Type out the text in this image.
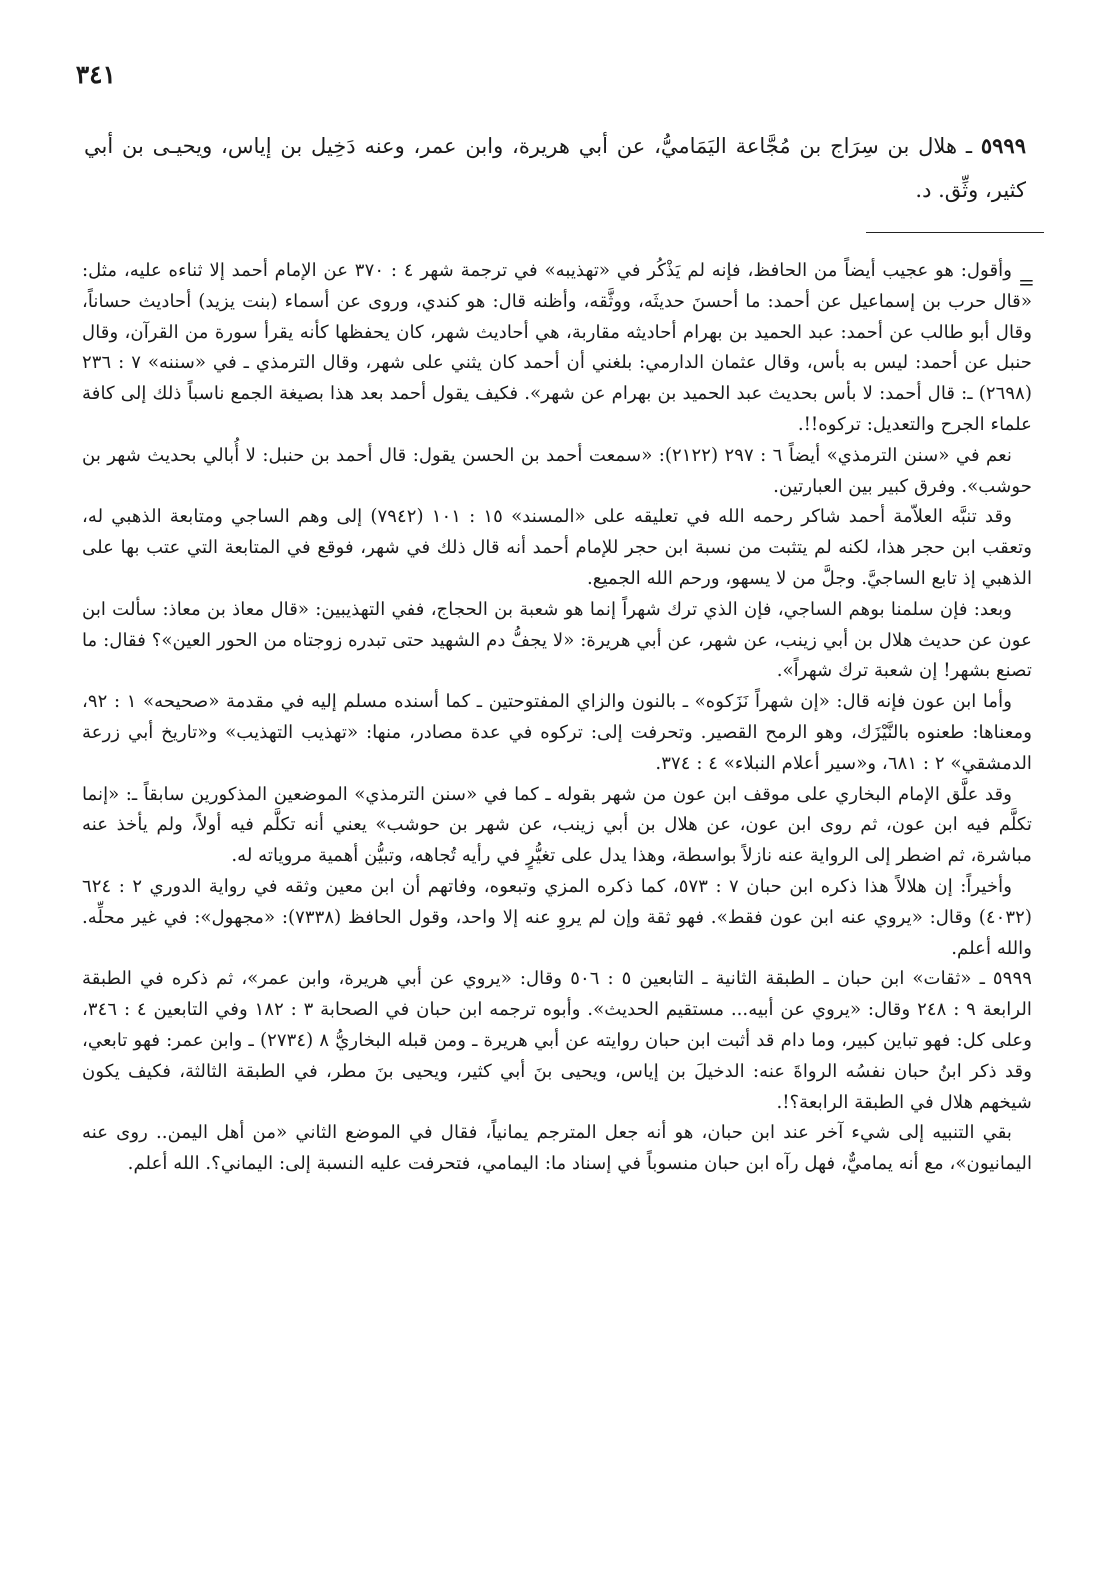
٣٤١
٥٩٩٩ ـ هلال بن سِرَاج بن مُجَّاعة اليَمَاميُّ، عن أبي هريرة، وابن عمر، وعنه دَخِيل بن إياس، ويحيـى بن أبي كثير، وثِّق. د.
=

وأقول: هو عجيب أيضاً من الحافظ، فإنه لم يَذْكُر في «تهذيبه» في ترجمة شهر ٤ : ٣٧٠ عن الإمام أحمد إلا ثناءه عليه، مثل: «قال حرب بن إسماعيل عن أحمد: ما أحسنَ حديثَه، ووثَّقه، وأظنه قال: هو كندي، وروى عن أسماء (بنت يزيد) أحاديث حساناً، وقال أبو طالب عن أحمد: عبد الحميد بن بهرام أحاديثه مقاربة، هي أحاديث شهر، كان يحفظها كأنه يقرأ سورة من القرآن، وقال حنبل عن أحمد: ليس به بأس، وقال عثمان الدارمي: بلغني أن أحمد كان يثني على شهر، وقال الترمذي ـ في «سننه» ٧ : ٢٣٦ (٢٦٩٨) ـ: قال أحمد: لا بأس بحديث عبد الحميد بن بهرام عن شهر». فكيف يقول أحمد بعد هذا بصيغة الجمع ناسباً ذلك إلى كافة علماء الجرح والتعديل: تركوه!!.

نعم في «سنن الترمذي» أيضاً ٦ : ٢٩٧ (٢١٢٢): «سمعت أحمد بن الحسن يقول: قال أحمد بن حنبل: لا أُبالي بحديث شهر بن حوشب». وفرق كبير بين العبارتين.

وقد تنبَّه العلاّمة أحمد شاكر رحمه الله في تعليقه على «المسند» ١٥ : ١٠١ (٧٩٤٢) إلى وهم الساجي ومتابعة الذهبي له، وتعقب ابن حجر هذا، لكنه لم يتثبت من نسبة ابن حجر للإمام أحمد أنه قال ذلك في شهر، فوقع في المتابعة التي عتب بها على الذهبي إذ تابع الساجيَّ. وجلَّ من لا يسهو، ورحم الله الجميع.

وبعد: فإن سلمنا بوهم الساجي، فإن الذي ترك شهراً إنما هو شعبة بن الحجاج، ففي التهذيبين: «قال معاذ بن معاذ: سألت ابن عون عن حديث هلال بن أبي زينب، عن شهر، عن أبي هريرة: «لا يجفُّ دم الشهيد حتى تبدره زوجتاه من الحور العين»؟ فقال: ما تصنع بشهر! إن شعبة ترك شهراً».

وأما ابن عون فإنه قال: «إن شهراً نَزَكوه» ـ بالنون والزاي المفتوحتين ـ كما أسنده مسلم إليه في مقدمة «صحيحه» ١ : ٩٢، ومعناها: طعنوه بالنَّيْزَك، وهو الرمح القصير. وتحرفت إلى: تركوه في عدة مصادر، منها: «تهذيب التهذيب» و«تاريخ أبي زرعة الدمشقي» ٢ : ٦٨١، و«سير أعلام النبلاء» ٤ : ٣٧٤.

وقد علَّق الإمام البخاري على موقف ابن عون من شهر بقوله ـ كما في «سنن الترمذي» الموضعين المذكورين سابقاً ـ: «إنما تكلَّم فيه ابن عون، ثم روى ابن عون، عن هلال بن أبي زينب، عن شهر بن حوشب» يعني أنه تكلَّم فيه أولاً، ولم يأخذ عنه مباشرة، ثم اضطر إلى الرواية عنه نازلاً بواسطة، وهذا يدل على تغيُّرٍ في رأيه تُجاهه، وتبيُّن أهمية مروياته له.

وأخيراً: إن هلالاً هذا ذكره ابن حبان ٧ : ٥٧٣، كما ذكره المزي وتبعوه، وفاتهم أن ابن معين وثقه في رواية الدوري ٢ : ٦٢٤ (٤٠٣٢) وقال: «يروي عنه ابن عون فقط». فهو ثقة وإن لم يروِ عنه إلا واحد، وقول الحافظ (٧٣٣٨): «مجهول»: في غير محلِّه. والله أعلم.

٥٩٩٩ ـ «ثقات» ابن حبان ـ الطبقة الثانية ـ التابعين ٥ : ٥٠٦ وقال: «يروي عن أبي هريرة، وابن عمر»، ثم ذكره في الطبقة الرابعة ٩ : ٢٤٨ وقال: «يروي عن أبيه... مستقيم الحديث». وأبوه ترجمه ابن حبان في الصحابة ٣ : ١٨٢ وفي التابعين ٤ : ٣٤٦، وعلى كل: فهو تباين كبير، وما دام قد أثبت ابن حبان روايته عن أبي هريرة ـ ومن قبله البخاريُّ ٨ (٢٧٣٤) ـ وابن عمر: فهو تابعي، وقد ذكر ابنُ حبان نفسُه الرواةَ عنه: الدخيلَ بن إياس، ويحيى بنَ أبي كثير، ويحيى بنَ مطر، في الطبقة الثالثة، فكيف يكون شيخهم هلال في الطبقة الرابعة؟!.

بقي التنبيه إلى شيء آخر عند ابن حبان، هو أنه جعل المترجم يمانياً، فقال في الموضع الثاني «من أهل اليمن.. روى عنه اليمانيون»، مع أنه يماميٌّ، فهل رآه ابن حبان منسوباً في إسناد ما: اليمامي، فتحرفت عليه النسبة إلى: اليماني؟. الله أعلم.
